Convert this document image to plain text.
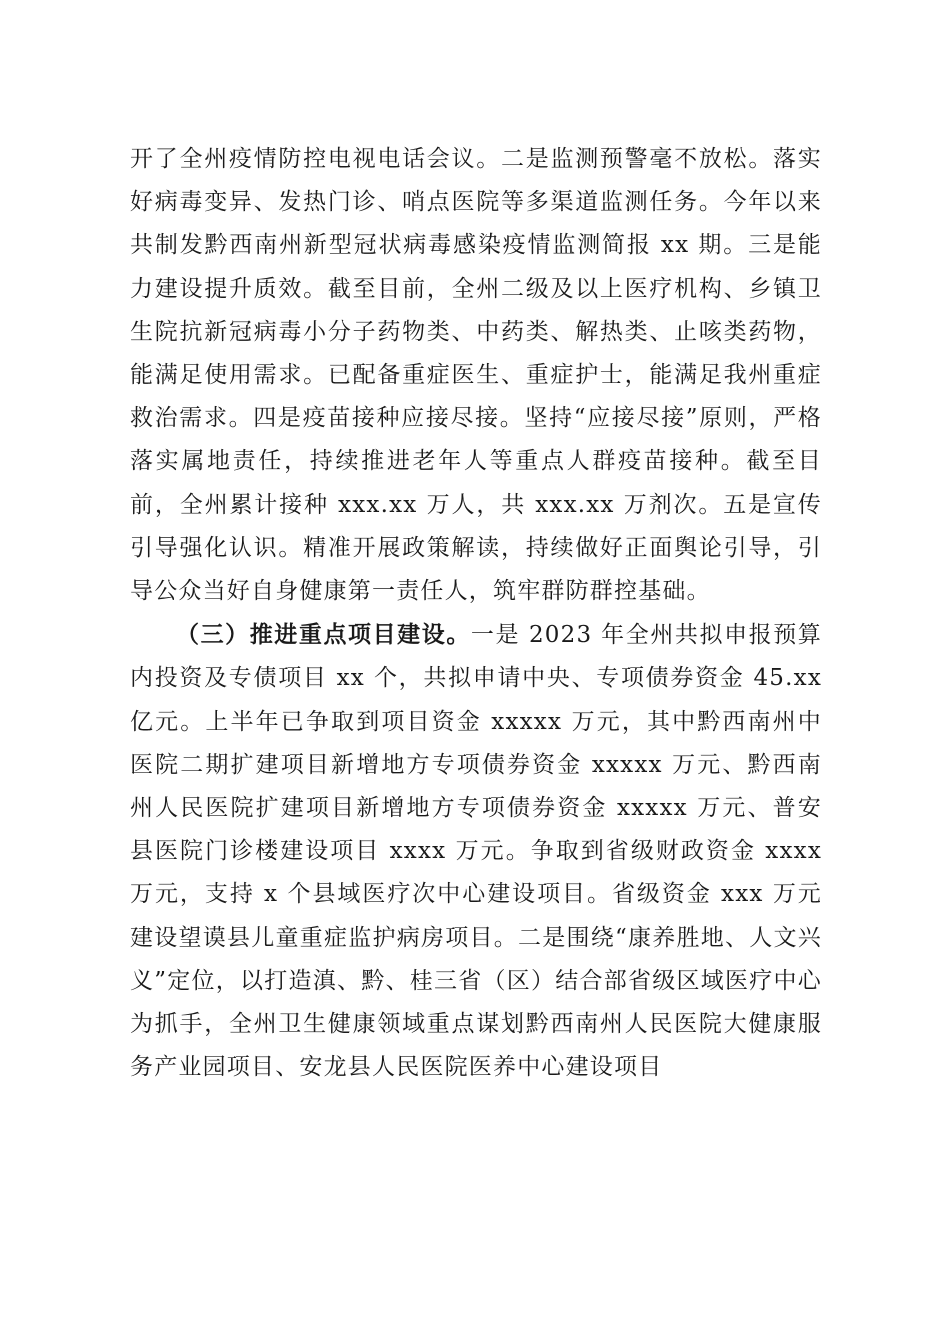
开了全州疫情防控电视电话会议。二是监测预警毫不放松。落实好病毒变异、发热门诊、哨点医院等多渠道监测任务。今年以来共制发黔西南州新型冠状病毒感染疫情监测简报 xx 期。三是能力建设提升质效。截至目前，全州二级及以上医疗机构、乡镇卫生院抗新冠病毒小分子药物类、中药类、解热类、止咳类药物，能满足使用需求。已配备重症医生、重症护士，能满足我州重症救治需求。四是疫苗接种应接尽接。坚持“应接尽接”原则，严格落实属地责任，持续推进老年人等重点人群疫苗接种。截至目前，全州累计接种 xxx.xx 万人，共 xxx.xx 万剂次。五是宣传引导强化认识。精准开展政策解读，持续做好正面舆论引导，引导公众当好自身健康第一责任人，筑牢群防群控基础。

（三）推进重点项目建设。一是 2023 年全州共拟申报预算内投资及专债项目 xx 个，共拟申请中央、专项债券资金 45.xx 亿元。上半年已争取到项目资金 xxxxx 万元，其中黔西南州中医院二期扩建项目新增地方专项债券资金 xxxxx 万元、黔西南州人民医院扩建项目新增地方专项债券资金 xxxxx 万元、普安县医院门诊楼建设项目 xxxx 万元。争取到省级财政资金 xxxx 万元，支持 x 个县域医疗次中心建设项目。省级资金 xxx 万元建设望谟县儿童重症监护病房项目。二是围绕“康养胜地、人文兴义”定位，以打造滇、黔、桂三省（区）结合部省级区域医疗中心为抓手，全州卫生健康领域重点谋划黔西南州人民医院大健康服务产业园项目、安龙县人民医院医养中心建设项目
